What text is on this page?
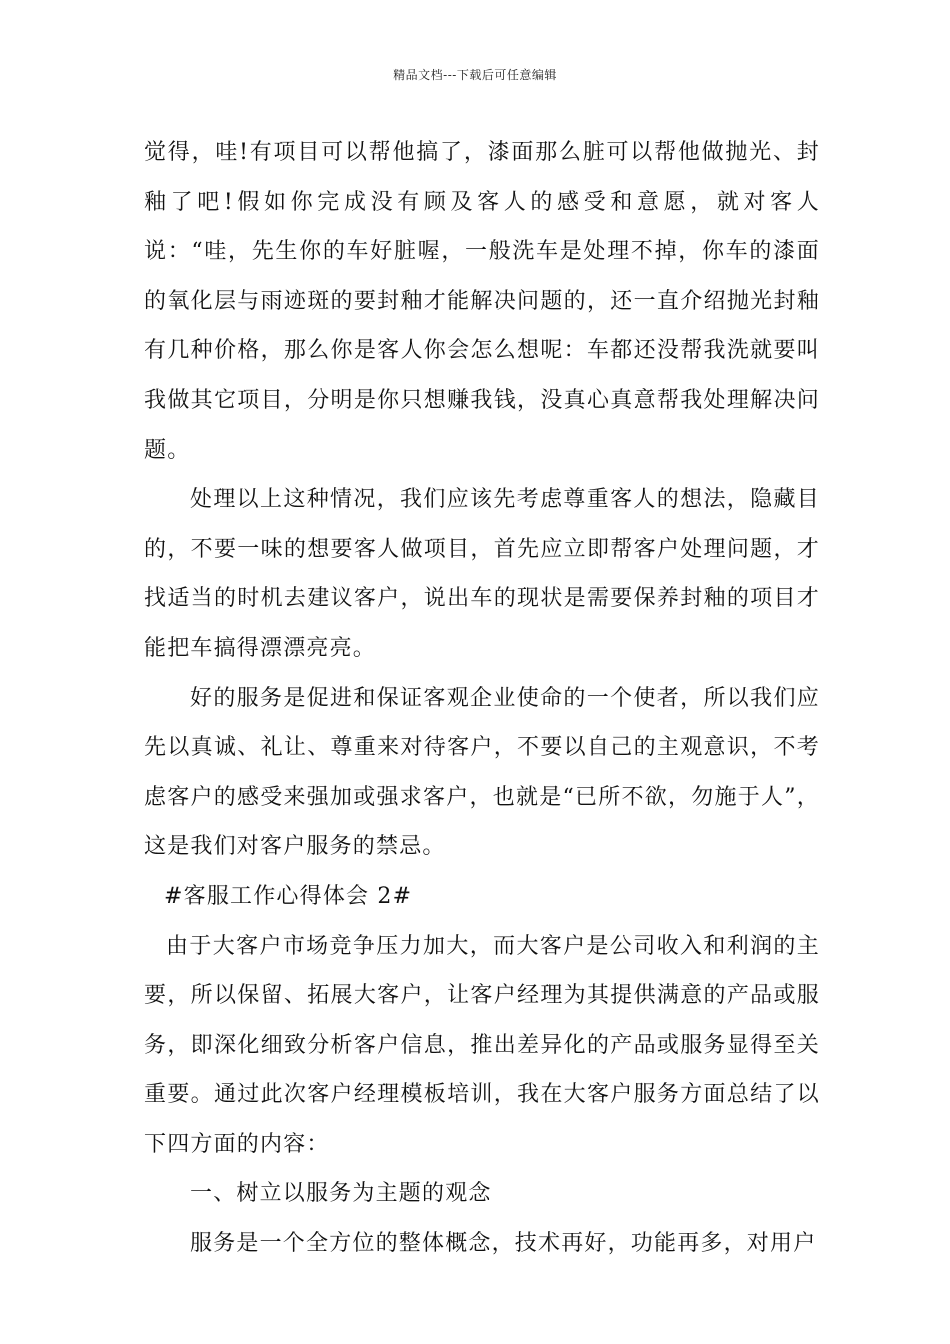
精品文档---下载后可任意编辑

觉得，哇!有项目可以帮他搞了，漆面那么脏可以帮他做抛光、封釉了吧!假如你完成没有顾及客人的感受和意愿，就对客人说：“哇，先生你的车好脏喔，一般洗车是处理不掉，你车的漆面的氧化层与雨迹斑的要封釉才能解决问题的，还一直介绍抛光封釉有几种价格，那么你是客人你会怎么想呢：车都还没帮我洗就要叫我做其它项目，分明是你只想赚我钱，没真心真意帮我处理解决问题。

处理以上这种情况，我们应该先考虑尊重客人的想法，隐藏目的，不要一味的想要客人做项目，首先应立即帮客户处理问题，才找适当的时机去建议客户，说出车的现状是需要保养封釉的项目才能把车搞得漂漂亮亮。

好的服务是促进和保证客观企业使命的一个使者，所以我们应先以真诚、礼让、尊重来对待客户，不要以自己的主观意识，不考虑客户的感受来强加或强求客户，也就是“已所不欲，勿施于人”，这是我们对客户服务的禁忌。

#客服工作心得体会 2#

由于大客户市场竞争压力加大，而大客户是公司收入和利润的主要，所以保留、拓展大客户，让客户经理为其提供满意的产品或服务，即深化细致分析客户信息，推出差异化的产品或服务显得至关重要。通过此次客户经理模板培训，我在大客户服务方面总结了以下四方面的内容：

一、树立以服务为主题的观念

服务是一个全方位的整体概念，技术再好，功能再多，对用户
